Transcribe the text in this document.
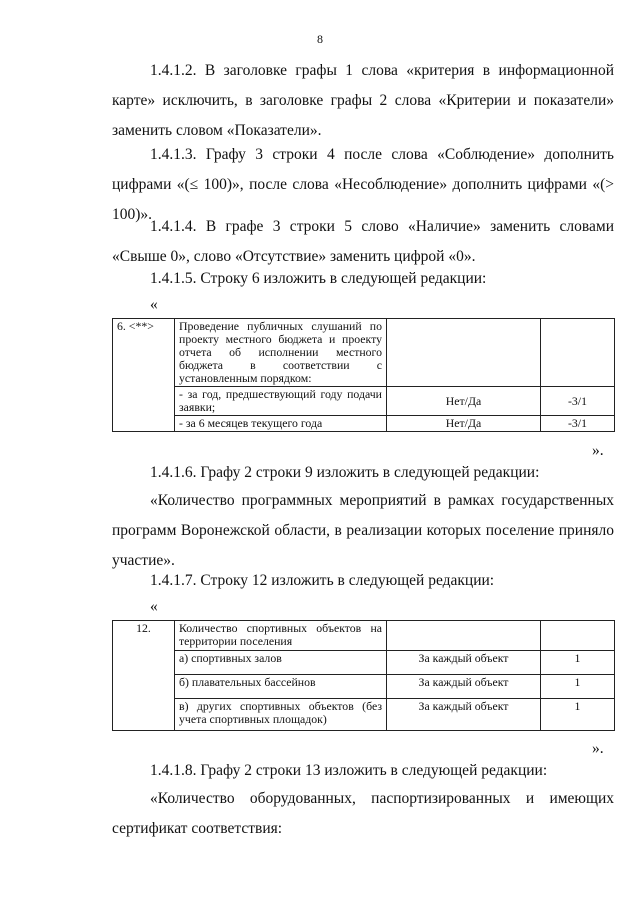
8

1.4.1.2. В заголовке графы 1 слова «критерия в информационной карте» исключить, в заголовке графы 2 слова «Критерии и показатели» заменить словом «Показатели».

1.4.1.3. Графу 3 строки 4 после слова «Соблюдение» дополнить цифрами «(≤ 100)», после слова «Несоблюдение» дополнить цифрами «(> 100)».

1.4.1.4. В графе 3 строки 5 слово «Наличие» заменить словами «Свыше 0», слово «Отсутствие» заменить цифрой «0».

1.4.1.5. Строку 6 изложить в следующей редакции:
«
6. <**>	Проведение публичных слушаний по проекту местного бюджета и проекту отчета об исполнении местного бюджета в соответствии с установленным порядком:		
	- за год, предшествующий году подачи заявки;	Нет/Да	-3/1
	- за 6 месяцев текущего года	Нет/Да	-3/1
».
1.4.1.6. Графу 2 строки 9 изложить в следующей редакции:

«Количество программных мероприятий в рамках государственных программ Воронежской области, в реализации которых поселение приняло участие».

1.4.1.7. Строку 12 изложить в следующей редакции:
«
12.	Количество спортивных объектов на территории поселения		
	а) спортивных залов	За каждый объект	1
	б) плавательных бассейнов	За каждый объект	1
	в) других спортивных объектов (без учета спортивных площадок)	За каждый объект	1
».
1.4.1.8. Графу 2 строки 13 изложить в следующей редакции:

«Количество оборудованных, паспортизированных и имеющих сертификат соответствия:
